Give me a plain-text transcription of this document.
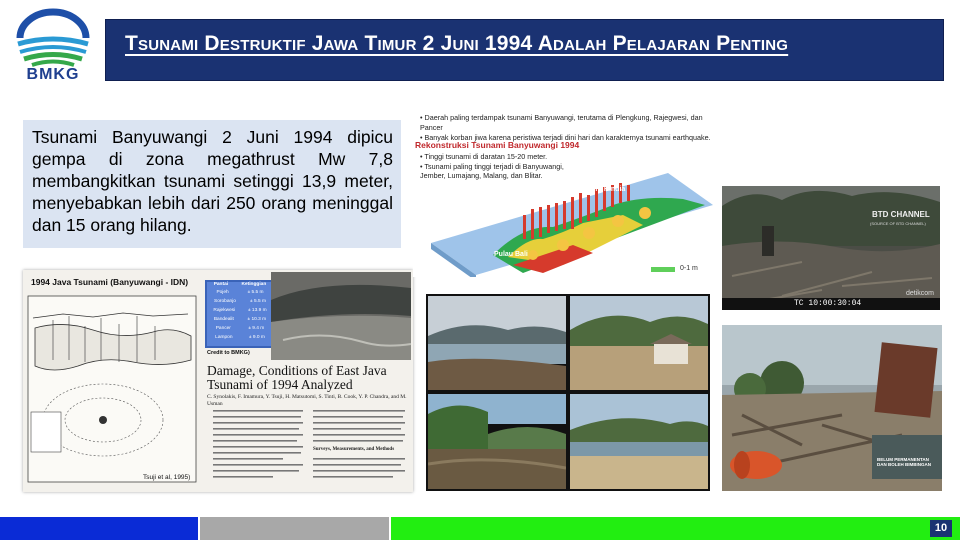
BMKG
Tsunami Destruktif Jawa Timur 2 Juni 1994 Adalah Pelajaran Penting
Tsunami Banyuwangi 2 Juni 1994 dipicu gempa di zona megathrust Mw 7,8 membangkitkan tsunami setinggi 13,9 meter, menyebabkan lebih dari 250 orang meninggal dan 15 orang hilang.
1994 Java Tsunami (Banyuwangi - IDN)
Tsuji et al, 1995)
Pantai	Ketinggian
Pojeh	± 5.5 m
Sorobanjo	± 5.5 m
Rajekwesi	± 13.9 m
Bandealit	± 10.3 m
Pancer	± 9.4 m
Lampon	± 9.0 m
Credit to BMKG)
Damage, Conditions of East Java Tsunami of 1994 Analyzed
C. Synolakis, F. Imamura, Y. Tsuji, H. Matsutomi, S. Tinti, B. Cook, Y. P. Chandra, and M. Usman
Surveys, Measurements, and Methods
• Daerah paling terdampak tsunami Banyuwangi, terutama di Plengkung, Rajegwesi, dan Pancer
• Banyak korban jiwa karena peristiwa terjadi dini hari dan karakternya tsunami earthquake.
Rekonstruksi Tsunami Banyuwangi 1994
• Tinggi tsunami di daratan 15-20 meter.
• Tsunami paling tinggi terjadi di Banyuwangi, Jember, Lumajang, Malang, dan Blitar.
Samudra Hindia
Pulau Bali
Pulau Jawa	0-1 m
BTD CHANNEL
(SOURCE OF BTD CHANNEL)
detikcom
TC 10:00:30:04
BELUM PERMANENTAN DAN BOLEH BIMBINGAN
10
